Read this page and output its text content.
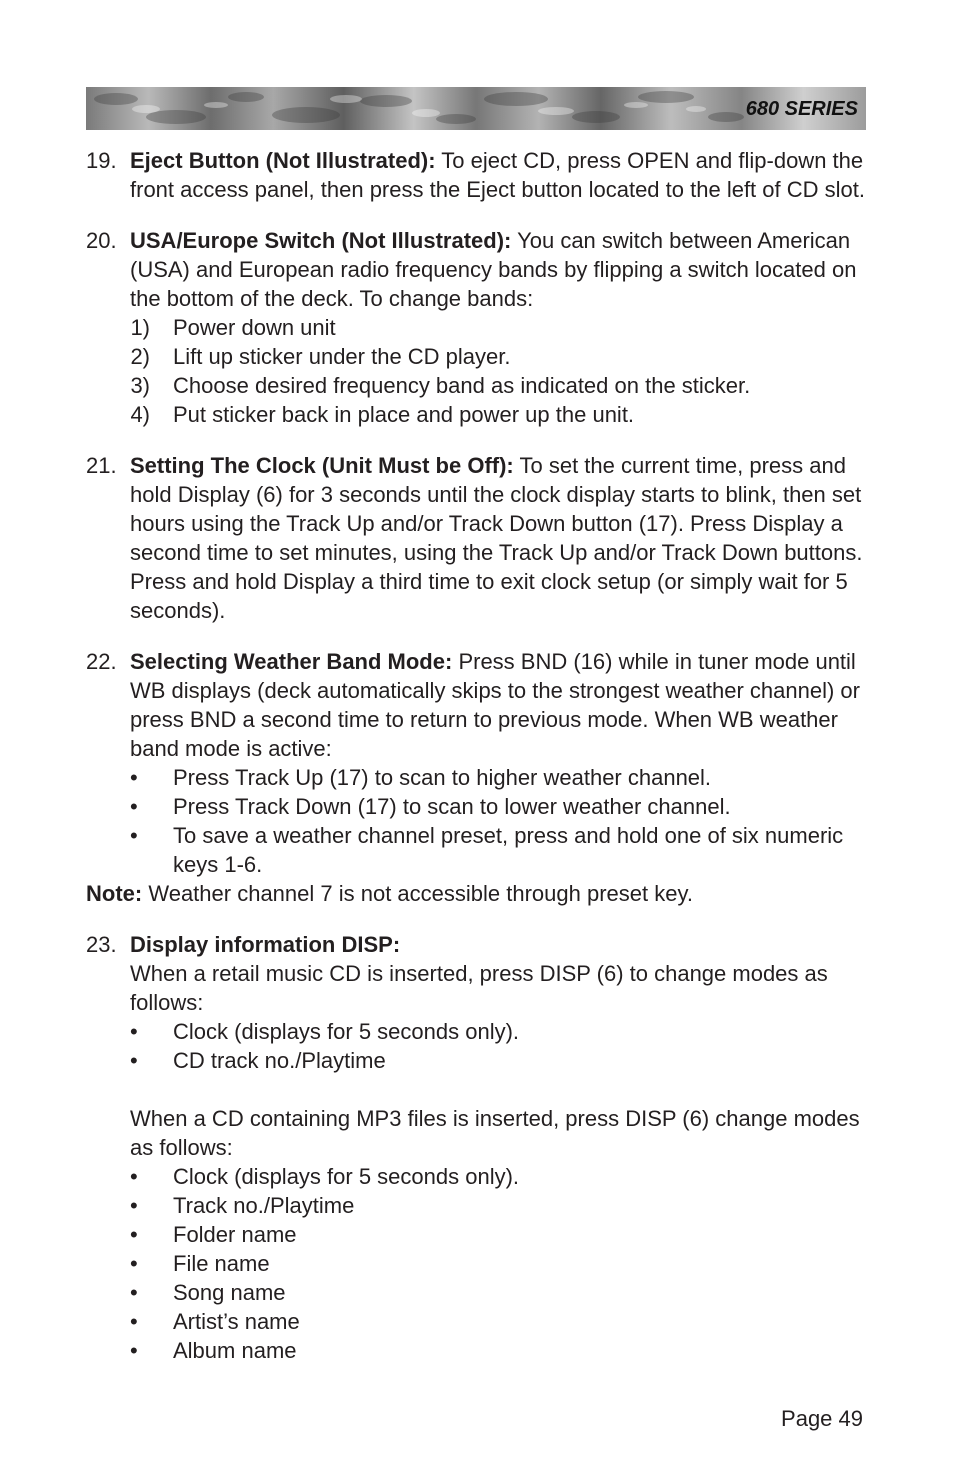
680 SERIES
19. Eject Button (Not Illustrated): To eject CD, press OPEN and flip-down the front access panel, then press the Eject button located to the left of CD slot.

20. USA/Europe Switch (Not Illustrated): You can switch between American (USA) and European radio frequency bands by flipping a switch located on the bottom of the deck. To change bands:

1) Power down unit
2) Lift up sticker under the CD player.
3) Choose desired frequency band as indicated on the sticker.
4) Put sticker back in place and power up the unit.
21. Setting The Clock (Unit Must be Off): To set the current time, press and hold Display (6) for 3 seconds until the clock display starts to blink, then set hours using the Track Up and/or Track Down button (17). Press Display a second time to set minutes, using the Track Up and/or Track Down buttons. Press and hold Display a third time to exit clock setup (or simply wait for 5 seconds).

22. Selecting Weather Band Mode: Press BND (16) while in tuner mode until WB displays (deck automatically skips to the strongest weather channel) or press BND a second time to return to previous mode. When WB weather band mode is active:

• Press Track Up (17) to scan to higher weather channel.
• Press Track Down (17) to scan to lower weather channel.
• To save a weather channel preset, press and hold one of six numeric keys 1-6.

Note: Weather channel 7 is not accessible through preset key.

23. Display information DISP:

When a retail music CD is inserted, press DISP (6) to change modes as follows:

• Clock (displays for 5 seconds only).
• CD track no./Playtime

When a CD containing MP3 files is inserted, press DISP (6) change modes as follows:

• Clock (displays for 5 seconds only).
• Track no./Playtime
• Folder name
• File name
• Song name
• Artist’s name
• Album name
Page 49
